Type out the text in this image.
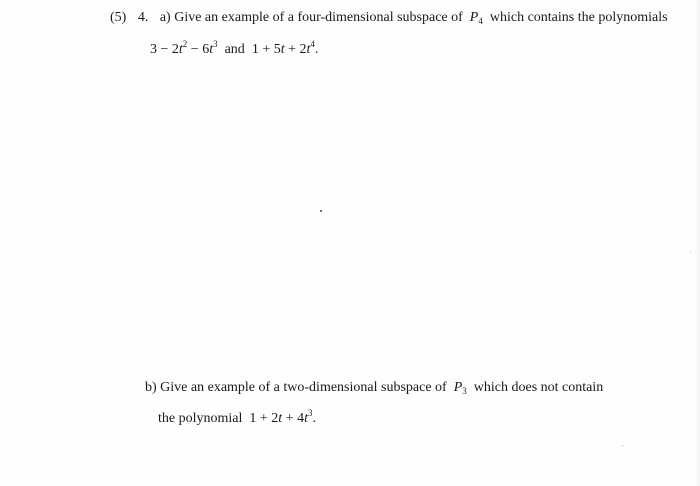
(5) 4. a) Give an example of a four-dimensional subspace of $P_4$ which contains the polynomials
$3 - 2t^2 - 6t^3$ and $1 + 5t + 2t^4$.
b) Give an example of a two-dimensional subspace of $P_3$ which does not contain
the polynomial $1 + 2t + 4t^3$.
